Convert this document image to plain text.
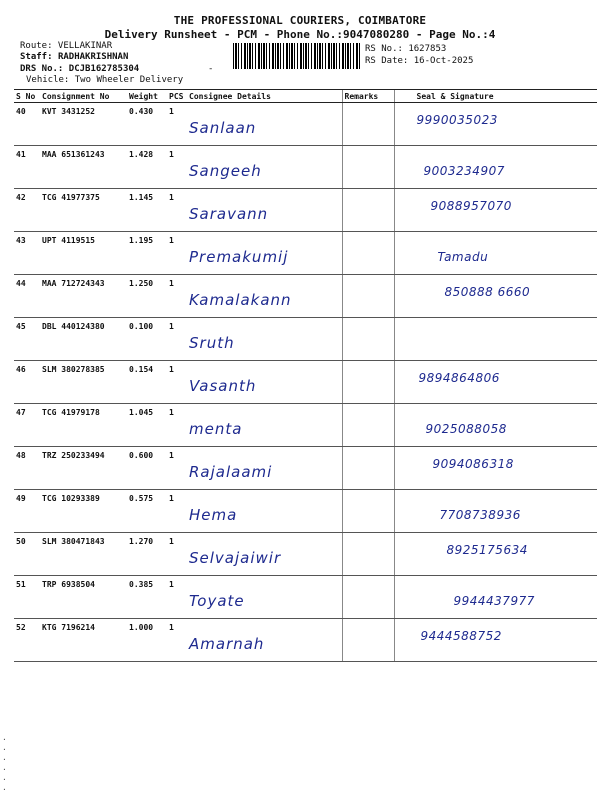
THE PROFESSIONAL COURIERS, COIMBATORE
Delivery Runsheet - PCM - Phone No.:9047080280 - Page No.:4
Route: VELLAKINAR
Staff: RADHAKRISHNAN
DRS No.: DCJB162785304	-
Vehicle: Two Wheeler Delivery
RS No.: 1627853
RS Date: 16-Oct-2025
S No	Consignment No	Weight	PCS	Consignee Details	Remarks	Seal & Signature
40	KVT 3431252	0.430	1	Sanlaan		9990035023

41	MAA 651361243	1.428	1	Sangeeh		9003234907

42	TCG 41977375	1.145	1	Saravann		9088957070

43	UPT 4119515	1.195	1	Premakumij		Tamadu

44	MAA 712724343	1.250	1	Kamalakann		850888 6660

45	DBL 440124380	0.100	1	Sruth		

46	SLM 380278385	0.154	1	Vasanth		9894864806

47	TCG 41979178	1.045	1	menta		9025088058

48	TRZ 250233494	0.600	1	Rajalaami		9094086318

49	TCG 10293389	0.575	1	Hema		7708738936

50	SLM 380471843	1.270	1	Selvajaiwir		8925175634

51	TRP 6938504	0.385	1	Toyate		9944437977

52	KTG 7196214	1.000	1	Amarnah		9444588752
·
·
·
·
·
·
